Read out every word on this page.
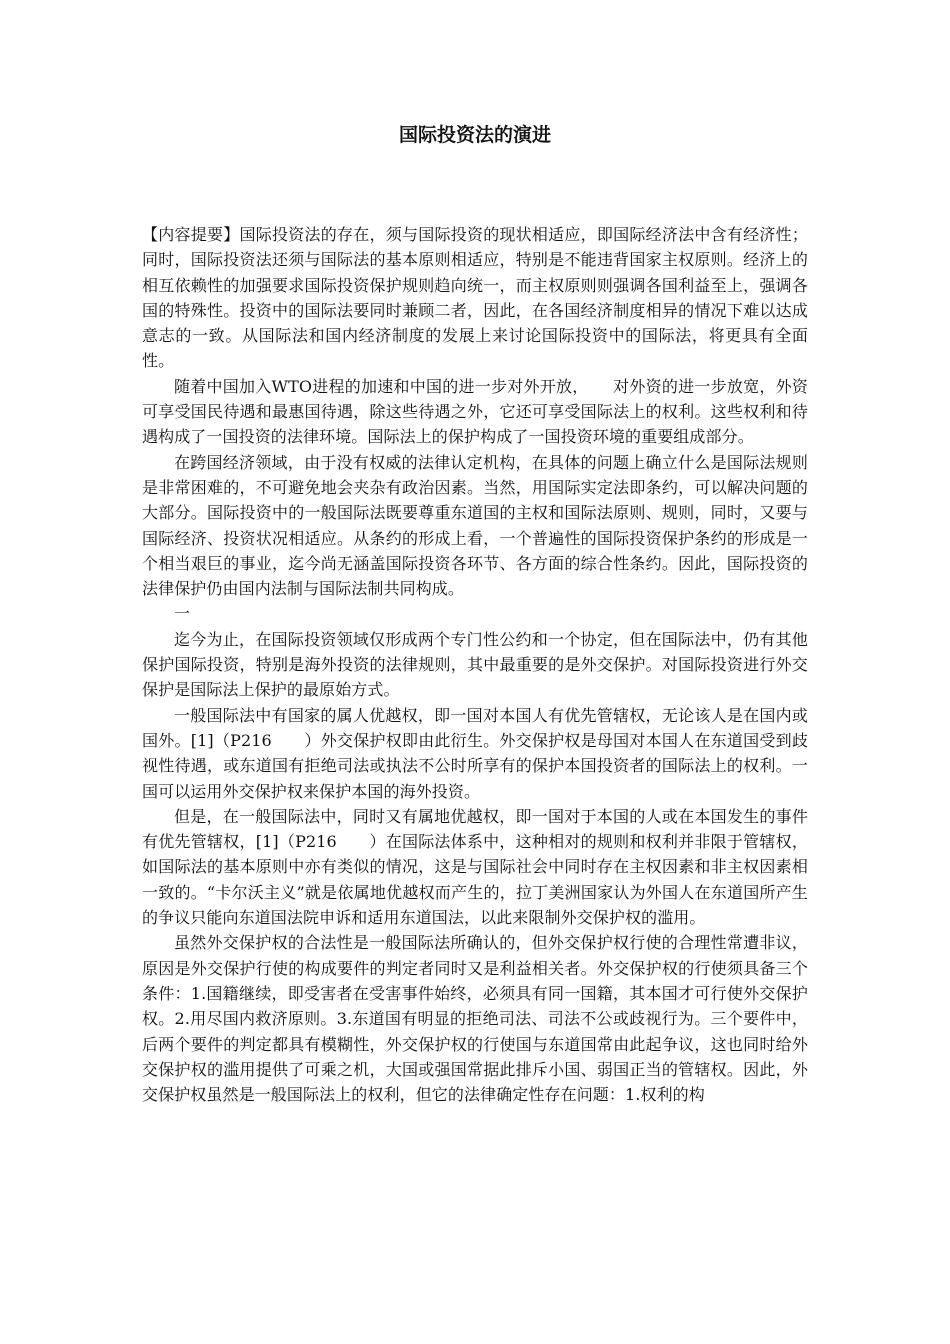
国际投资法的演进

【内容提要】国际投资法的存在，须与国际投资的现状相适应，即国际经济法中含有经济性；同时，国际投资法还须与国际法的基本原则相适应，特别是不能违背国家主权原则。经济上的相互依赖性的加强要求国际投资保护规则趋向统一，而主权原则则强调各国利益至上，强调各国的特殊性。投资中的国际法要同时兼顾二者，因此，在各国经济制度相异的情况下难以达成意志的一致。从国际法和国内经济制度的发展上来讨论国际投资中的国际法，将更具有全面性。

随着中国加入WTO进程的加速和中国的进一步对外开放，　　对外资的进一步放宽，外资可享受国民待遇和最惠国待遇，除这些待遇之外，它还可享受国际法上的权利。这些权利和待遇构成了一国投资的法律环境。国际法上的保护构成了一国投资环境的重要组成部分。

在跨国经济领域，由于没有权威的法律认定机构，在具体的问题上确立什么是国际法规则是非常困难的，不可避免地会夹杂有政治因素。当然，用国际实定法即条约，可以解决问题的大部分。国际投资中的一般国际法既要尊重东道国的主权和国际法原则、规则，同时，又要与国际经济、投资状况相适应。从条约的形成上看，一个普遍性的国际投资保护条约的形成是一个相当艰巨的事业，迄今尚无涵盖国际投资各环节、各方面的综合性条约。因此，国际投资的法律保护仍由国内法制与国际法制共同构成。

一

迄今为止，在国际投资领域仅形成两个专门性公约和一个协定，但在国际法中，仍有其他保护国际投资，特别是海外投资的法律规则，其中最重要的是外交保护。对国际投资进行外交保护是国际法上保护的最原始方式。

一般国际法中有国家的属人优越权，即一国对本国人有优先管辖权，无论该人是在国内或国外。[1]（P216　　）外交保护权即由此衍生。外交保护权是母国对本国人在东道国受到歧视性待遇，或东道国有拒绝司法或执法不公时所享有的保护本国投资者的国际法上的权利。一国可以运用外交保护权来保护本国的海外投资。

但是，在一般国际法中，同时又有属地优越权，即一国对于本国的人或在本国发生的事件有优先管辖权，[1]（P216　　）在国际法体系中，这种相对的规则和权利并非限于管辖权，如国际法的基本原则中亦有类似的情况，这是与国际社会中同时存在主权因素和非主权因素相一致的。“卡尔沃主义”就是依属地优越权而产生的，拉丁美洲国家认为外国人在东道国所产生的争议只能向东道国法院申诉和适用东道国法，以此来限制外交保护权的滥用。

虽然外交保护权的合法性是一般国际法所确认的，但外交保护权行使的合理性常遭非议，原因是外交保护行使的构成要件的判定者同时又是利益相关者。外交保护权的行使须具备三个条件：1.国籍继续，即受害者在受害事件始终，必须具有同一国籍，其本国才可行使外交保护权。2.用尽国内救济原则。3.东道国有明显的拒绝司法、司法不公或歧视行为。三个要件中，后两个要件的判定都具有模糊性，外交保护权的行使国与东道国常由此起争议，这也同时给外交保护权的滥用提供了可乘之机，大国或强国常据此排斥小国、弱国正当的管辖权。因此，外交保护权虽然是一般国际法上的权利，但它的法律确定性存在问题：1.权利的构
